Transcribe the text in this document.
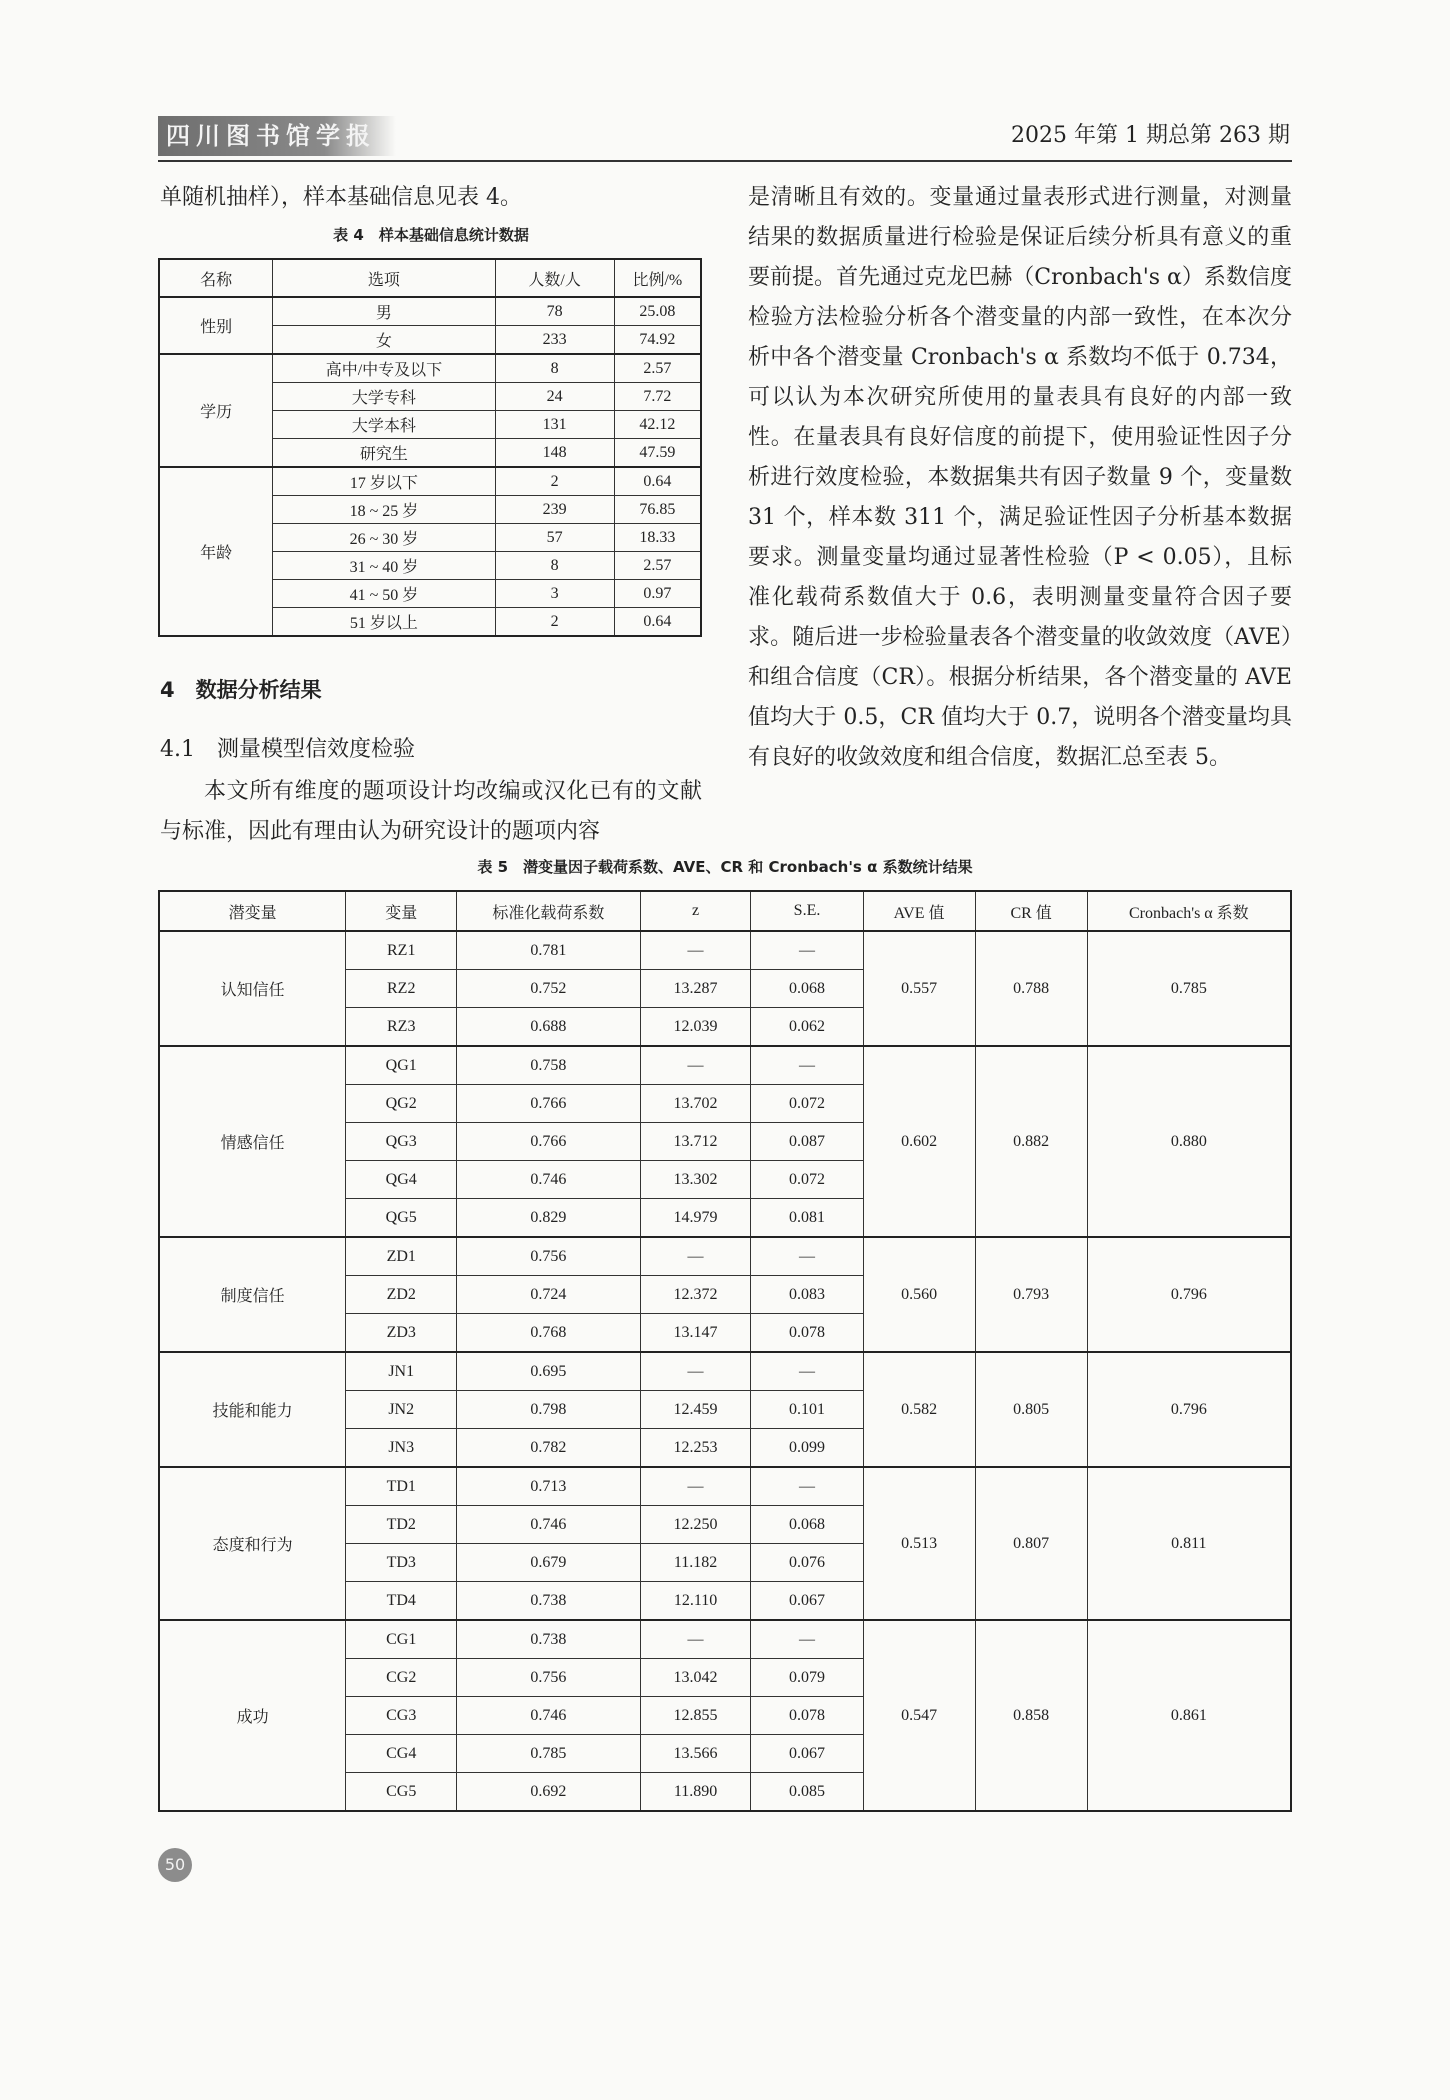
四川图书馆学报	2025 年第 1 期总第 263 期

单随机抽样），样本基础信息见表 4。

表 4　样本基础信息统计数据
名称	选项	人数/人	比例/%
性别	男	78	25.08
	女	233	74.92
学历	高中/中专及以下	8	2.57
	大学专科	24	7.72
	大学本科	131	42.12
	研究生	148	47.59
年龄	17 岁以下	2	0.64
	18 ~ 25 岁	239	76.85
	26 ~ 30 岁	57	18.33
	31 ~ 40 岁	8	2.57
	41 ~ 50 岁	3	0.97
	51 岁以上	2	0.64
4　数据分析结果
4.1　测量模型信效度检验

本文所有维度的题项设计均改编或汉化已有的文献与标准，因此有理由认为研究设计的题项内容

是清晰且有效的。变量通过量表形式进行测量，对测量结果的数据质量进行检验是保证后续分析具有意义的重要前提。首先通过克龙巴赫（Cronbach's α）系数信度检验方法检验分析各个潜变量的内部一致性，在本次分析中各个潜变量 Cronbach's α 系数均不低于 0.734，可以认为本次研究所使用的量表具有良好的内部一致性。在量表具有良好信度的前提下，使用验证性因子分析进行效度检验，本数据集共有因子数量 9 个，变量数 31 个，样本数 311 个，满足验证性因子分析基本数据要求。测量变量均通过显著性检验（P < 0.05），且标准化载荷系数值大于 0.6，表明测量变量符合因子要求。随后进一步检验量表各个潜变量的收敛效度（AVE）和组合信度（CR）。根据分析结果，各个潜变量的 AVE 值均大于 0.5，CR 值均大于 0.7，说明各个潜变量均具有良好的收敛效度和组合信度，数据汇总至表 5。

表 5　潜变量因子载荷系数、AVE、CR 和 Cronbach's α 系数统计结果
潜变量	变量	标准化载荷系数	z	S.E.	AVE 值	CR 值	Cronbach's α 系数
认知信任	RZ1	0.781	—	—	0.557	0.788	0.785
	RZ2	0.752	13.287	0.068			
	RZ3	0.688	12.039	0.062			
情感信任	QG1	0.758	—	—	0.602	0.882	0.880
	QG2	0.766	13.702	0.072			
	QG3	0.766	13.712	0.087			
	QG4	0.746	13.302	0.072			
	QG5	0.829	14.979	0.081			
制度信任	ZD1	0.756	—	—	0.560	0.793	0.796
	ZD2	0.724	12.372	0.083			
	ZD3	0.768	13.147	0.078			
技能和能力	JN1	0.695	—	—	0.582	0.805	0.796
	JN2	0.798	12.459	0.101			
	JN3	0.782	12.253	0.099			
态度和行为	TD1	0.713	—	—	0.513	0.807	0.811
	TD2	0.746	12.250	0.068			
	TD3	0.679	11.182	0.076			
	TD4	0.738	12.110	0.067			
成功	CG1	0.738	—	—	0.547	0.858	0.861
	CG2	0.756	13.042	0.079			
	CG3	0.746	12.855	0.078			
	CG4	0.785	13.566	0.067			
	CG5	0.692	11.890	0.085			
50
